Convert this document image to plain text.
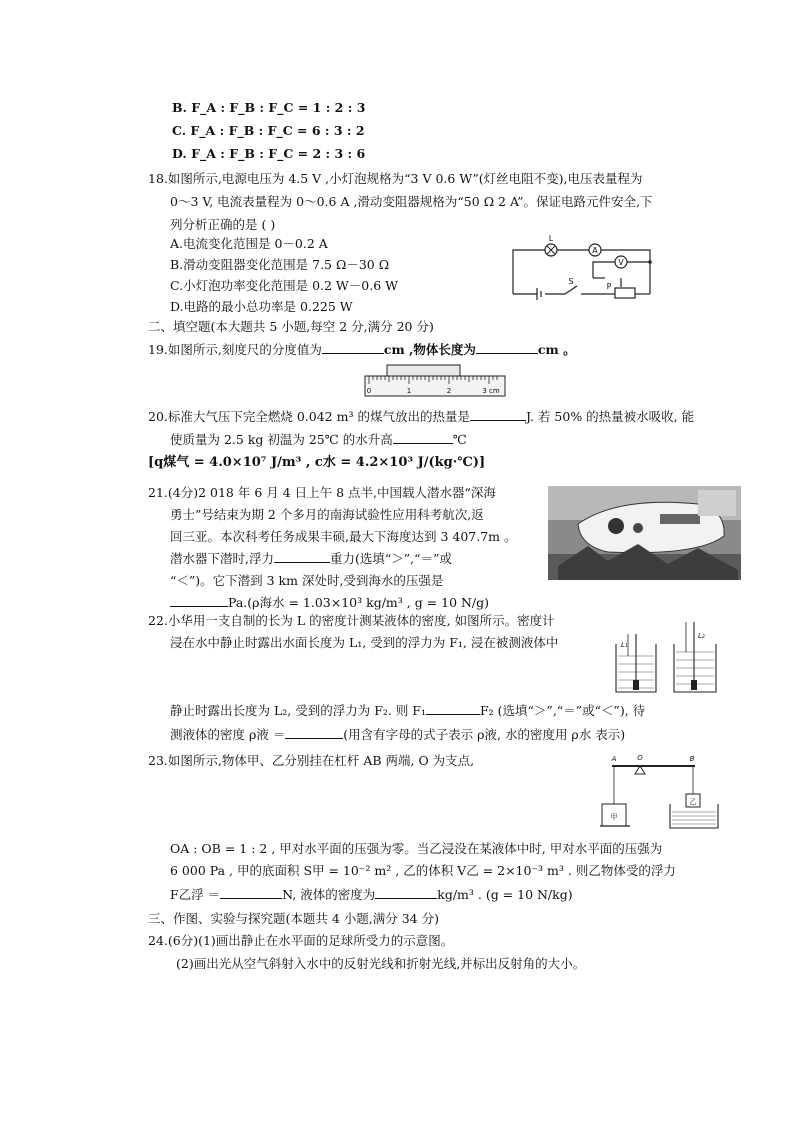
B. F_A : F_B : F_C = 1 : 2 : 3
C. F_A : F_B : F_C = 6 : 3 : 2
D. F_A : F_B : F_C = 2 : 3 : 6
18.如图所示,电源电压为 4.5 V ,小灯泡规格为“3 V 0.6 W”(灯丝电阻不变),电压表量程为
0～3 V, 电流表量程为 0～0.6 A ,滑动变阻器规格为“50 Ω 2 A”。保证电路元件安全,下
列分析正确的是 ( )
A.电流变化范围是 0－0.2 A
B.滑动变阻器变化范围是 7.5 Ω－30 Ω
C.小灯泡功率变化范围是 0.2 W－0.6 W
D.电路的最小总功率是 0.225 W
L
A
V
S
P
二、填空题(本大题共 5 小题,每空 2 分,满分 20 分)
19.如图所示,刻度尺的分度值为	cm ,物体长度为	cm 。
0	1	2	3 cm
20.标准大气压下完全燃烧 0.042 m³ 的煤气放出的热量是	J. 若 50% 的热量被水吸收, 能
使质量为 2.5 kg 初温为 25℃ 的水升高	℃
[q煤气 = 4.0×10⁷ J/m³ , c水 = 4.2×10³ J/(kg·℃)]
21.(4分)2 018 年 6 月 4 日上午 8 点半,中国载人潜水器“深海
勇士”号结束为期 2 个多月的南海试验性应用科考航次,返
回三亚。本次科考任务成果丰硕,最大下海度达到 3 407.7m 。
潜水器下潜时,浮力	重力(选填“＞”,“＝”或
“＜”)。它下潜到 3 km 深处时,受到海水的压强是
Pa.(ρ海水 = 1.03×10³ kg/m³ , g = 10 N/g)
22.小华用一支自制的长为 L 的密度计测某液体的密度, 如图所示。密度计
浸在水中静止时露出水面长度为 L₁, 受到的浮力为 F₁, 浸在被测液体中
静止时露出长度为 L₂, 受到的浮力为 F₂. 则 F₁	F₂ (选填“＞”,“＝”或“＜”), 待
测液体的密度 ρ液 ＝	(用含有字母的式子表示 ρ液, 水的密度用 ρ水 表示)
L₁
L₂
23.如图所示,物体甲、乙分别挂在杠杆 AB 两端, O 为支点,
OA : OB = 1 : 2 , 甲对水平面的压强为零。当乙浸没在某液体中时, 甲对水平面的压强为
6 000 Pa , 甲的底面积 S甲 = 10⁻² m² , 乙的体积 V乙 = 2×10⁻³ m³ . 则乙物体受的浮力
F乙浮 ＝	N, 液体的密度为	kg/m³ . (g = 10 N/kg)
A	O	B
甲
乙
三、作图、实验与探究题(本题共 4 小题,满分 34 分)
24.(6分)(1)画出静止在水平面的足球所受力的示意图。
(2)画出光从空气斜射入水中的反射光线和折射光线,并标出反射角的大小。
